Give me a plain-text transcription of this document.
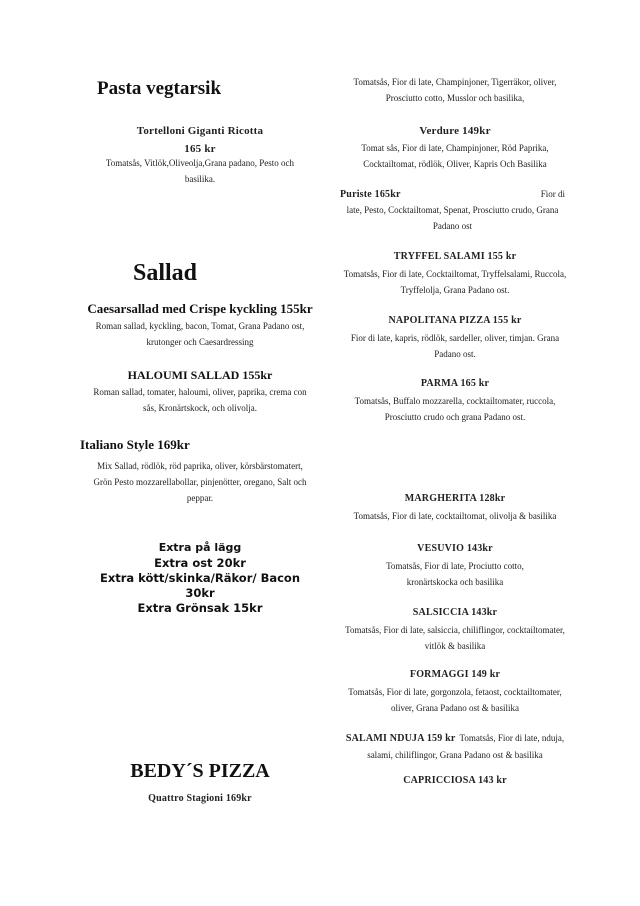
Pasta vegtarsik
Tortelloni Giganti Ricotta
165 kr
Tomatsås, Vitlök,Oliveolja,Grana padano, Pesto och
basilika.
Sallad
Caesarsallad med Crispe kyckling 155kr
Roman sallad, kyckling, bacon, Tomat, Grana Padano ost,
krutonger och Caesardressing
HALOUMI SALLAD 155kr
Roman sallad, tomater, haloumi, oliver, paprika, crema con
sås, Kronärtskock, och olivolja.
Italiano Style 169kr
Mix Sallad, rödlök, röd paprika, oliver, körsbärstomatert,
Grön Pesto mozzarellabollar, pinjenötter, oregano, Salt och
peppar.
Extra på lägg
Extra ost 20kr
Extra kött/skinka/Räkor/ Bacon
30kr
Extra Grönsak 15kr
BEDY´S PIZZA
Quattro Stagioni 169kr
Tomatsås, Fior di late, Champinjoner, Tigerräkor, oliver,
Prosciutto cotto, Musslor och basilika,
Verdure 149kr
Tomat sås, Fior di late, Champinjoner, Röd Paprika,
Cocktailtomat, rödlök, Oliver, Kapris Och Basilika
Puriste 165kr	Fior di
late, Pesto, Cocktailtomat, Spenat, Prosciutto crudo, Grana
Padano ost
TRYFFEL SALAMI 155 kr
Tomatsås, Fior di late, Cocktailtomat, Tryffelsalami, Ruccola,
Tryffelolja, Grana Padano ost.
NAPOLITANA PIZZA 155 kr
Fior di late, kapris, rödlök, sardeller, oliver, timjan. Grana
Padano ost.
PARMA 165 kr
Tomatsås, Buffalo mozzarella, cocktailtomater, ruccola,
Prosciutto crudo och grana Padano ost.
MARGHERITA 128kr
Tomatsås, Fior di late, cocktailtomat, olivolja & basilika
VESUVIO 143kr
Tomatsås, Fior di late, Prociutto cotto,
kronärtskocka och basilika
SALSICCIA 143kr
Tomatsås, Fior di late, salsiccia, chiliflingor, cocktailtomater,
vitlök & basilika
FORMAGGI 149 kr
Tomatsås, Fior di late, gorgonzola, fetaost, cocktailtomater,
oliver, Grana Padano ost & basilika
SALAMI NDUJA 159 kr Tomatsås, Fior di late, nduja,
salami, chiliflingor, Grana Padano ost & basilika
CAPRICCIOSA 143 kr
